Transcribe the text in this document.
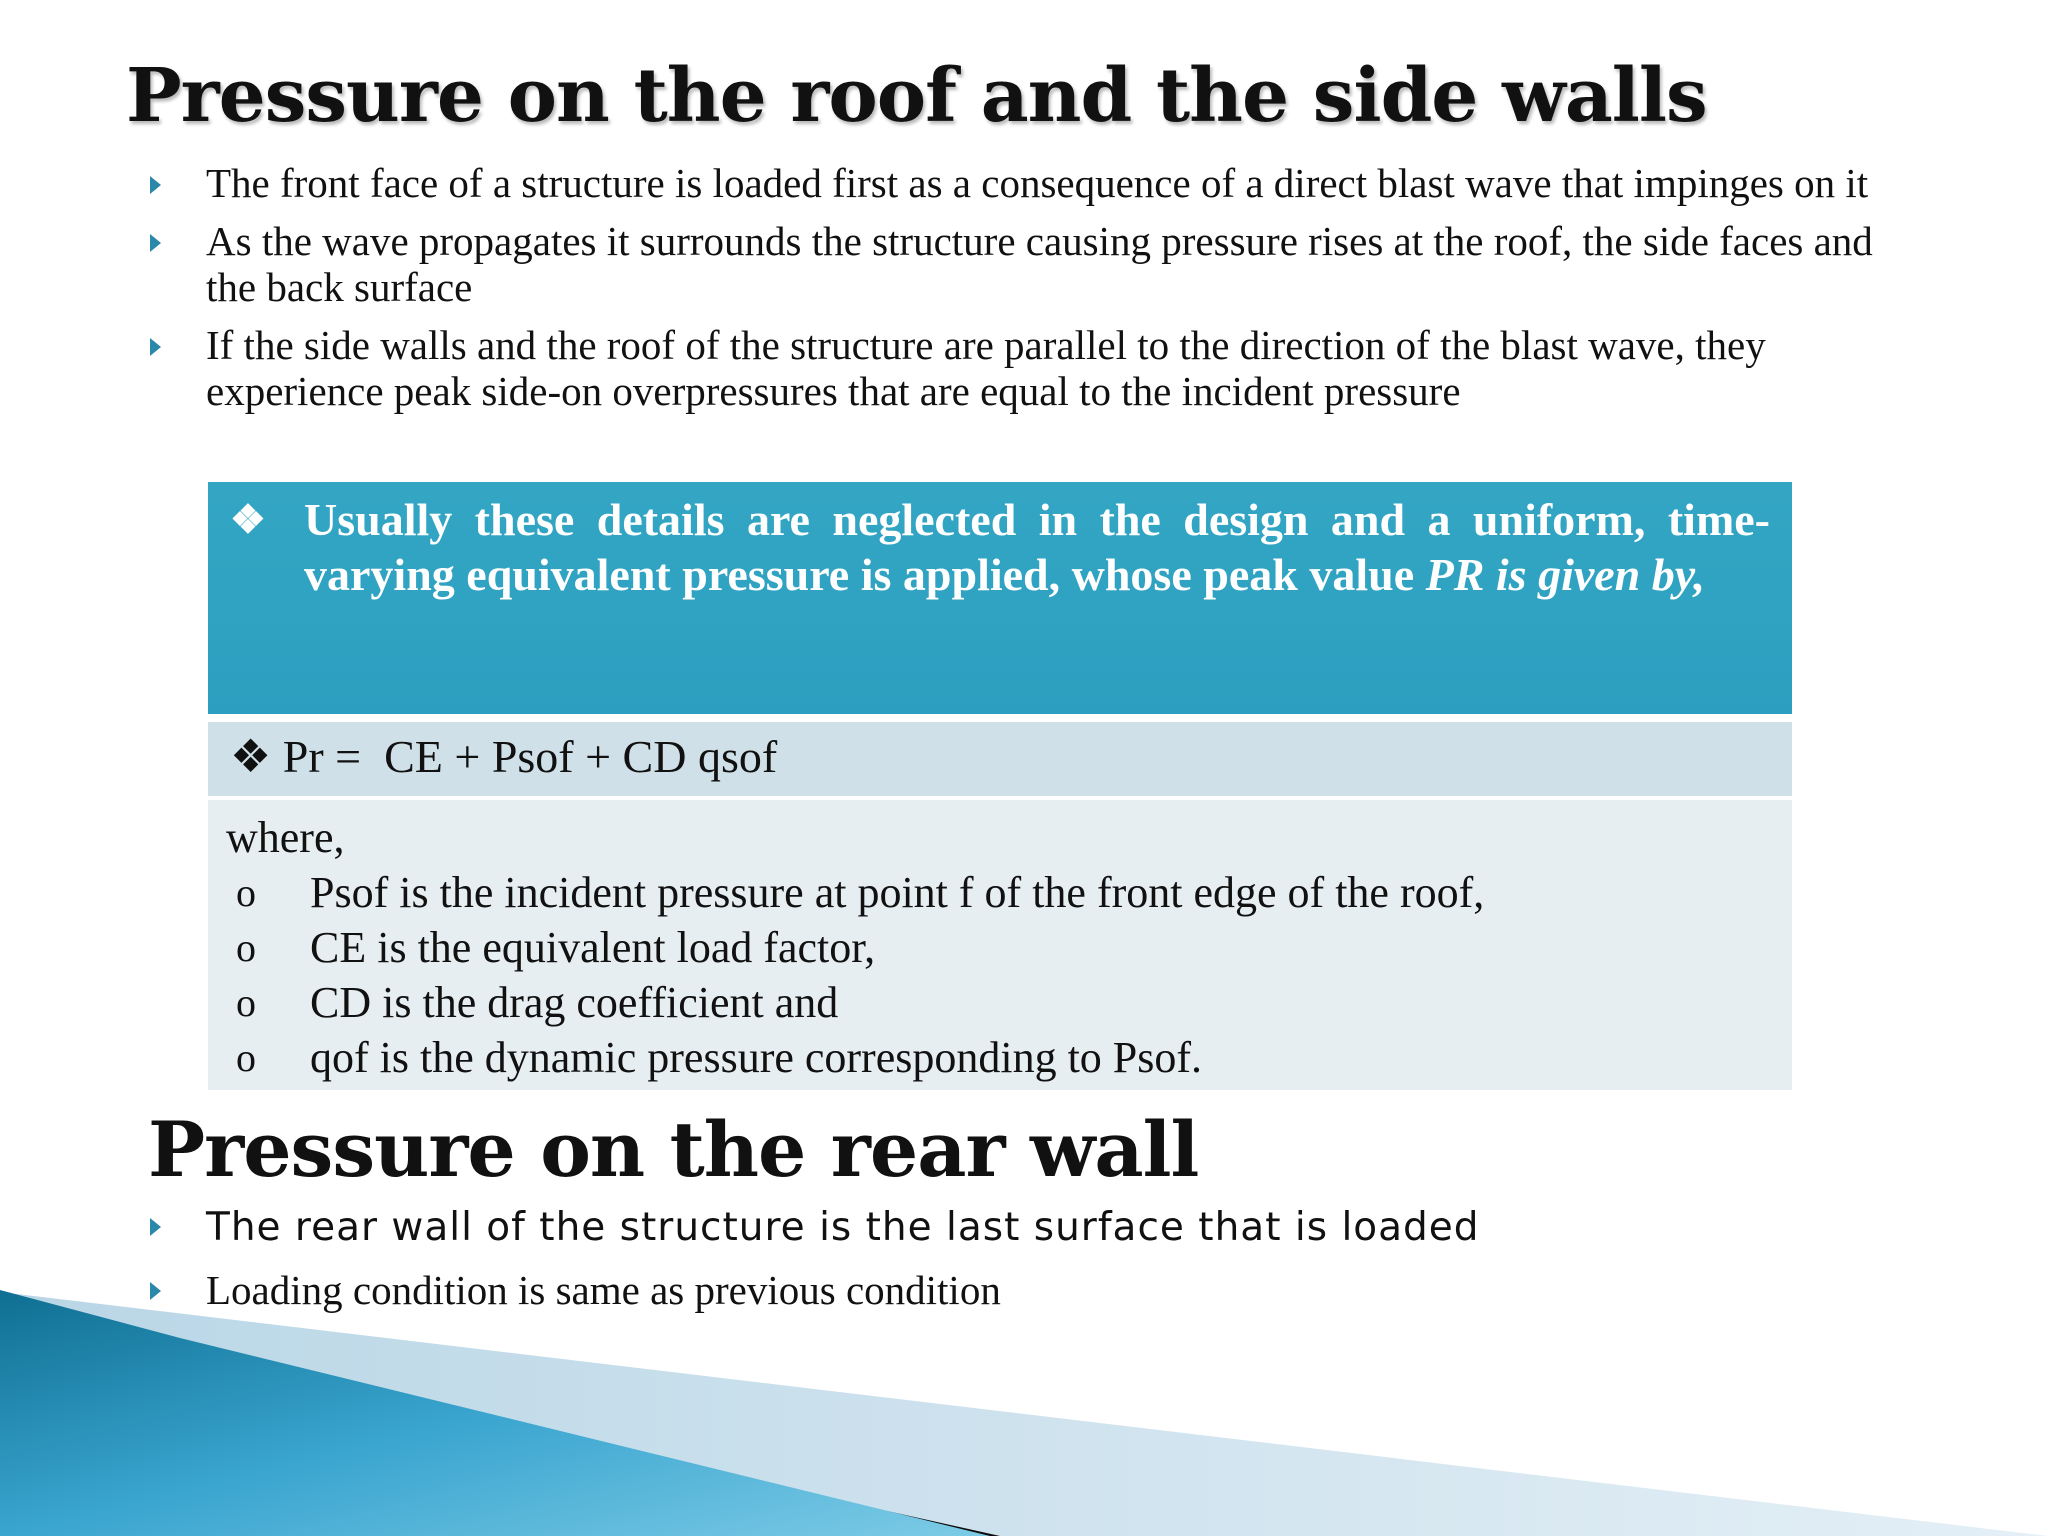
Pressure on the roof and the side walls
The front face of a structure is loaded first as a consequence of a direct blast wave that impinges on it
As the wave propagates it surrounds the structure causing pressure rises at the roof, the side faces and the back surface
If the side walls and the roof of the structure are parallel to the direction of the blast wave, they experience peak side-on overpressures that are equal to the incident pressure
❖ Usually these details are neglected in the design and a uniform, time-varying equivalent pressure is applied, whose peak value PR is given by,
❖ Pr =  CE + Psof + CD qsof
where,
o Psof is the incident pressure at point f of the front edge of the roof,
o CE is the equivalent load factor,
o CD is the drag coefficient and
o qof is the dynamic pressure corresponding to Psof.
Pressure on the rear wall
The rear wall of the structure is the last surface that is loaded
Loading condition is same as previous condition
